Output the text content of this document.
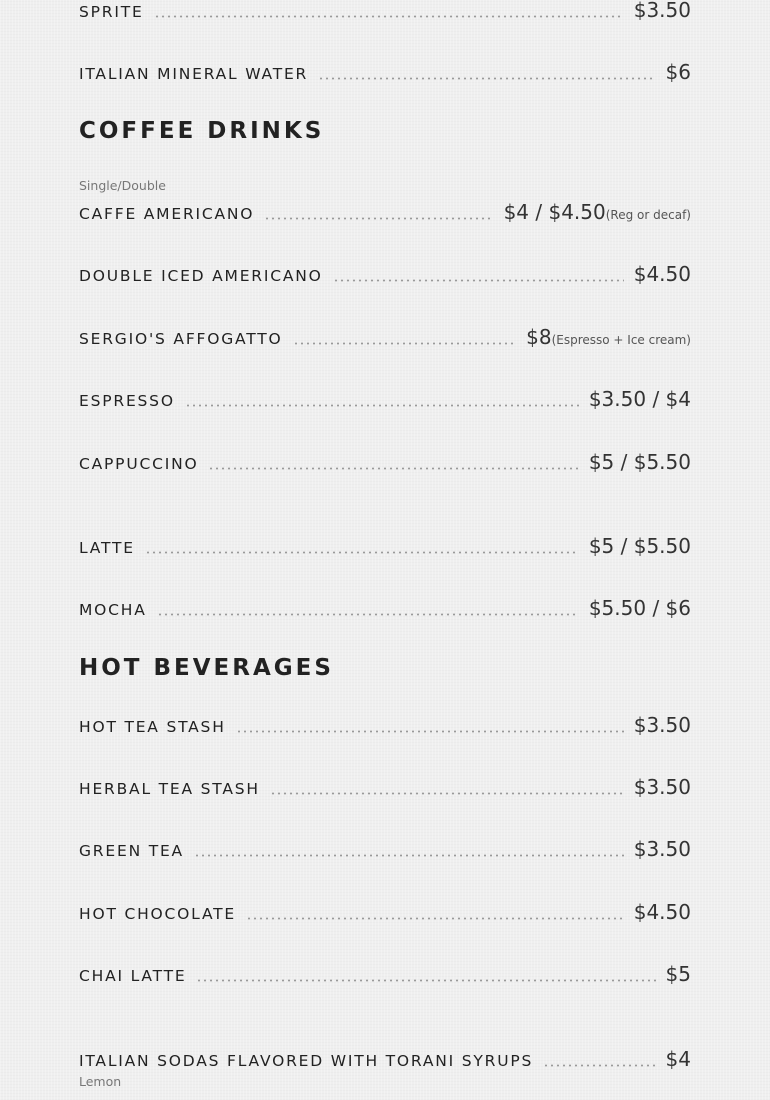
SPRITE	$3.50
ITALIAN MINERAL WATER	$6
COFFEE DRINKS
Single/Double
CAFFE AMERICANO	$4 / $4.50 (Reg or decaf)
DOUBLE ICED AMERICANO	$4.50
SERGIO'S AFFOGATTO	$8 (Espresso + Ice cream)
ESPRESSO	$3.50 / $4
CAPPUCCINO	$5 / $5.50
LATTE	$5 / $5.50
MOCHA	$5.50 / $6
HOT BEVERAGES
HOT TEA STASH	$3.50
HERBAL TEA STASH	$3.50
GREEN TEA	$3.50
HOT CHOCOLATE	$4.50
CHAI LATTE	$5
ITALIAN SODAS FLAVORED WITH TORANI SYRUPS	$4
Lemon
